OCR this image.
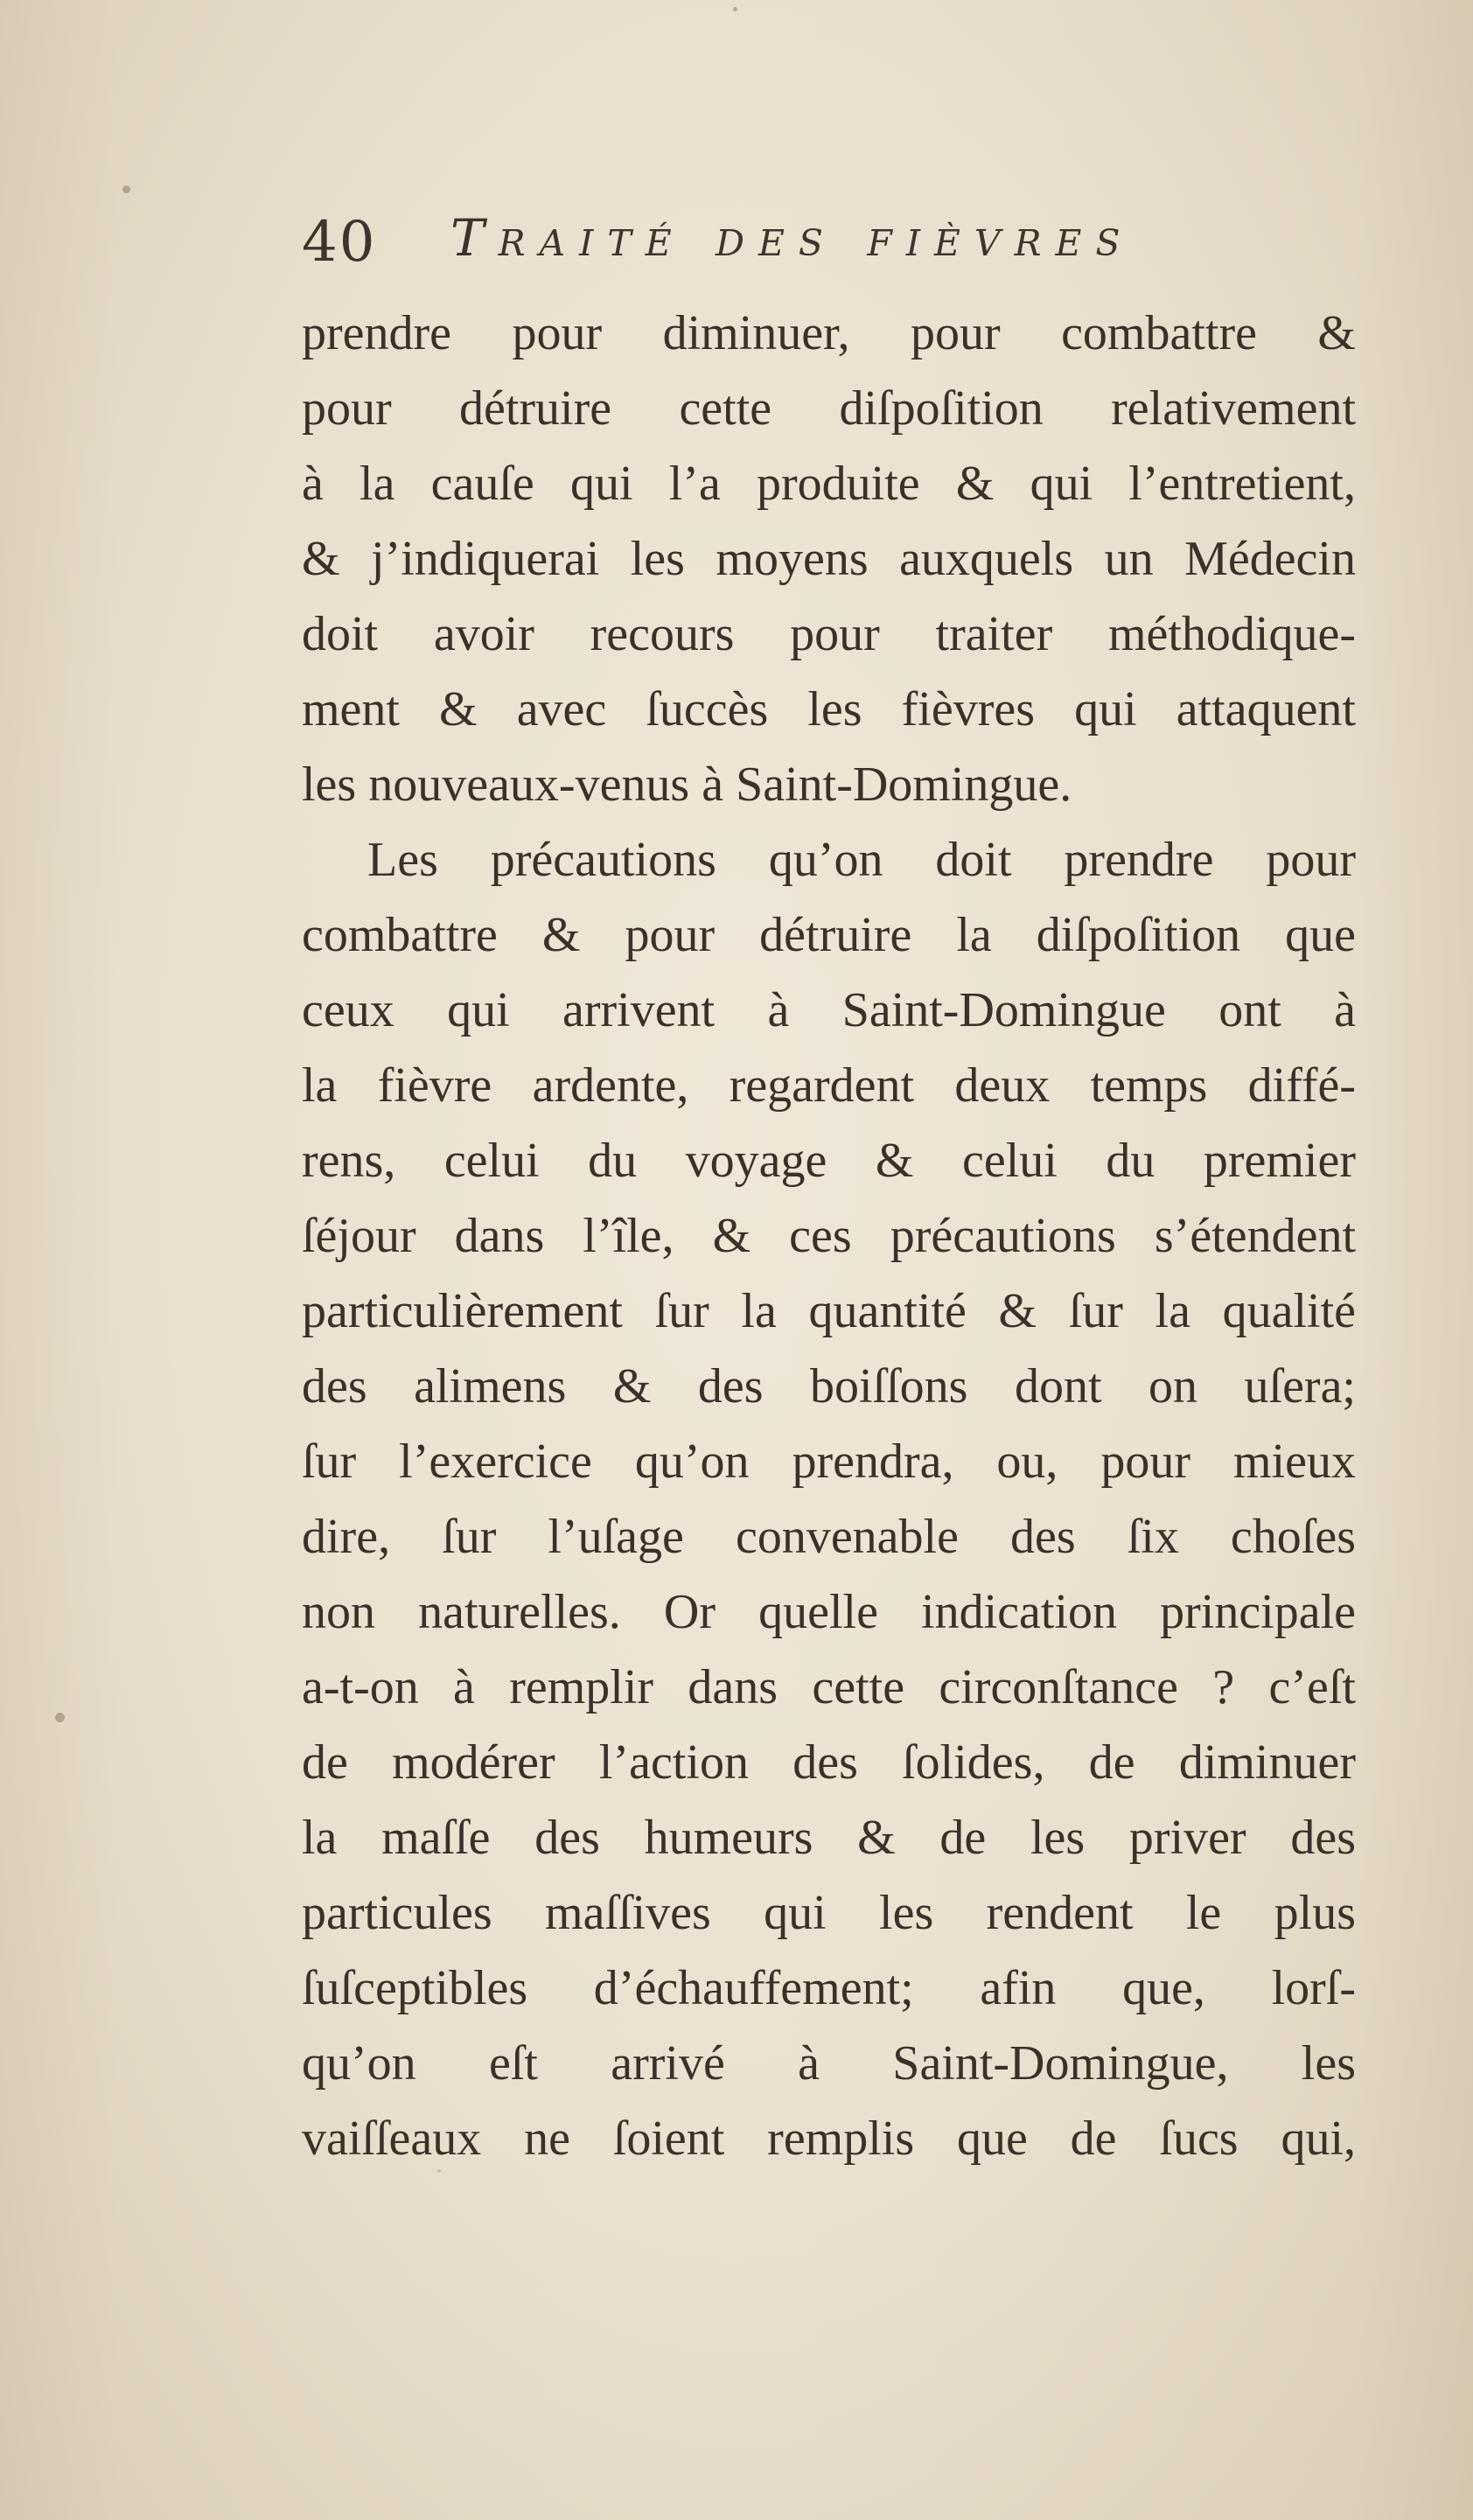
40 Traité des fièvres
prendre pour diminuer, pour combattre &
pour détruire cette diſpoſition relativement
à la cauſe qui l’a produite & qui l’entretient,
& j’indiquerai les moyens auxquels un Médecin
doit avoir recours pour traiter méthodique-
ment & avec ſuccès les fièvres qui attaquent
les nouveaux-venus à Saint-Domingue.
Les précautions qu’on doit prendre pour
combattre & pour détruire la diſpoſition que
ceux qui arrivent à Saint-Domingue ont à
la fièvre ardente, regardent deux temps diffé-
rens, celui du voyage & celui du premier
ſéjour dans l’île, & ces précautions s’étendent
particulièrement ſur la quantité & ſur la qualité
des alimens & des boiſſons dont on uſera;
ſur l’exercice qu’on prendra, ou, pour mieux
dire, ſur l’uſage convenable des ſix choſes
non naturelles. Or quelle indication principale
a-t-on à remplir dans cette circonſtance ? c’eſt
de modérer l’action des ſolides, de diminuer
la maſſe des humeurs & de les priver des
particules maſſives qui les rendent le plus
ſuſceptibles d’échauffement; afin que, lorſ-
qu’on eſt arrivé à Saint-Domingue, les
vaiſſeaux ne ſoient remplis que de ſucs qui,
